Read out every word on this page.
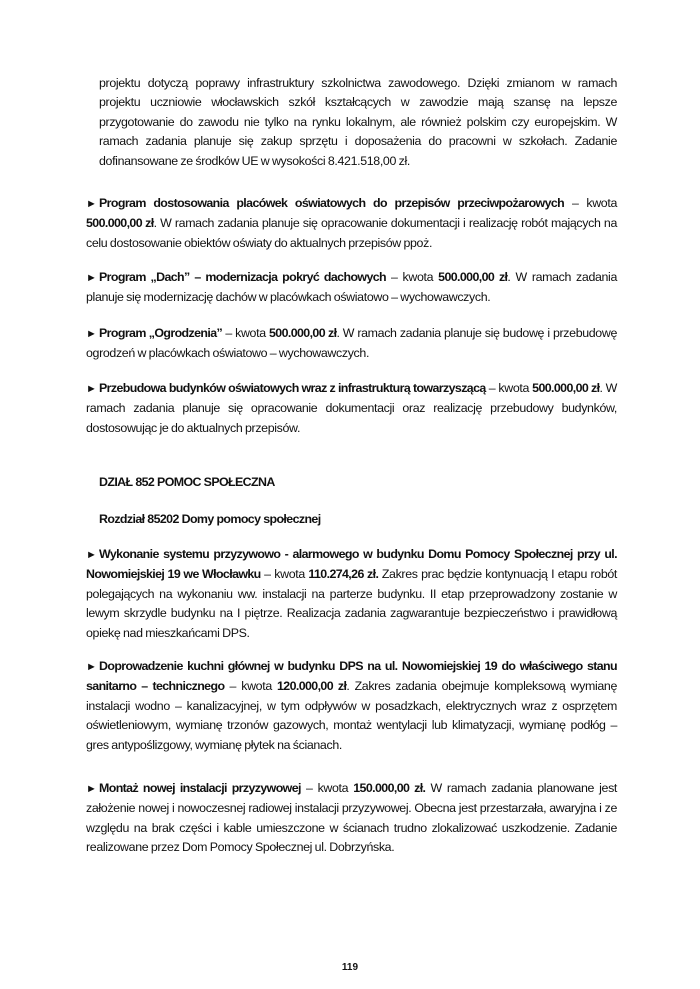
projektu dotyczą poprawy infrastruktury szkolnictwa zawodowego. Dzięki zmianom w ramach projektu uczniowie włocławskich szkół kształcących w zawodzie mają szansę na lepsze przygotowanie do zawodu nie tylko na rynku lokalnym, ale również polskim czy europejskim. W ramach zadania planuje się zakup sprzętu i doposażenia do pracowni w szkołach. Zadanie dofinansowane ze środków UE w wysokości 8.421.518,00 zł.

► Program dostosowania placówek oświatowych do przepisów przeciwpożarowych – kwota 500.000,00 zł. W ramach zadania planuje się opracowanie dokumentacji i realizację robót mających na celu dostosowanie obiektów oświaty do aktualnych przepisów ppoż.

► Program „Dach” – modernizacja pokryć dachowych – kwota 500.000,00 zł. W ramach zadania planuje się modernizację dachów w placówkach oświatowo – wychowawczych.

► Program „Ogrodzenia” – kwota 500.000,00 zł. W ramach zadania planuje się budowę i przebudowę ogrodzeń w placówkach oświatowo – wychowawczych.

► Przebudowa budynków oświatowych wraz z infrastrukturą towarzyszącą – kwota 500.000,00 zł. W ramach zadania planuje się opracowanie dokumentacji oraz realizację przebudowy budynków, dostosowując je do aktualnych przepisów.

DZIAŁ 852 POMOC SPOŁECZNA
Rozdział 85202 Domy pomocy społecznej

► Wykonanie systemu przyzywowo - alarmowego w budynku Domu Pomocy Społecznej przy ul. Nowomiejskiej 19 we Włocławku – kwota 110.274,26 zł. Zakres prac będzie kontynuacją I etapu robót polegających na wykonaniu ww. instalacji na parterze budynku. II etap przeprowadzony zostanie w lewym skrzydle budynku na I piętrze. Realizacja zadania zagwarantuje bezpieczeństwo i prawidłową opiekę nad mieszkańcami DPS.

► Doprowadzenie kuchni głównej w budynku DPS na ul. Nowomiejskiej 19 do właściwego stanu sanitarno – technicznego – kwota 120.000,00 zł. Zakres zadania obejmuje kompleksową wymianę instalacji wodno – kanalizacyjnej, w tym odpływów w posadzkach, elektrycznych wraz z osprzętem oświetleniowym, wymianę trzonów gazowych, montaż wentylacji lub klimatyzacji, wymianę podłóg – gres antypoślizgowy, wymianę płytek na ścianach.

► Montaż nowej instalacji przyzywowej – kwota 150.000,00 zł. W ramach zadania planowane jest założenie nowej i nowoczesnej radiowej instalacji przyzywowej. Obecna jest przestarzała, awaryjna i ze względu na brak części i kable umieszczone w ścianach trudno zlokalizować uszkodzenie. Zadanie realizowane przez Dom Pomocy Społecznej ul. Dobrzyńska.

119
